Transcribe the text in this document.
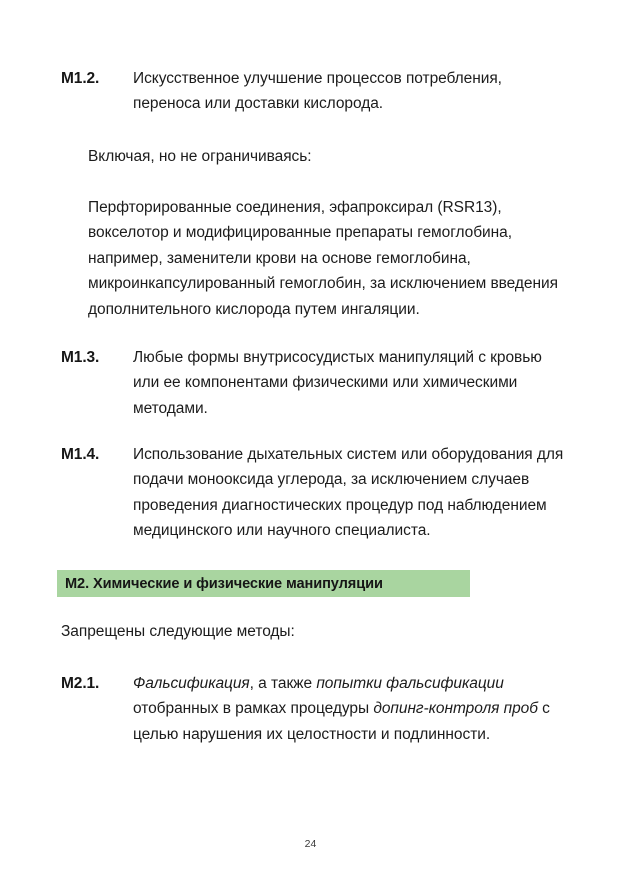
M1.2.	Искусственное улучшение процессов потребления, переноса или доставки кислорода.
Включая, но не ограничиваясь:
Перфторированные соединения, эфапроксирал (RSR13), вокселотор и модифицированные препараты гемоглобина, например, заменители крови на основе гемоглобина, микроинкапсулированный гемоглобин, за исключением введения дополнительного кислорода путем ингаляции.
M1.3.	Любые формы внутрисосудистых манипуляций с кровью или ее компонентами физическими или химическими методами.
M1.4.	Использование дыхательных систем или оборудования для подачи монооксида углерода, за исключением случаев проведения диагностических процедур под наблюдением медицинского или научного специалиста.
M2. Химические и физические манипуляции
Запрещены следующие методы:
M2.1.	Фальсификация, а также попытки фальсификации отобранных в рамках процедуры допинг-контроля проб с целью нарушения их целостности и подлинности.
24
